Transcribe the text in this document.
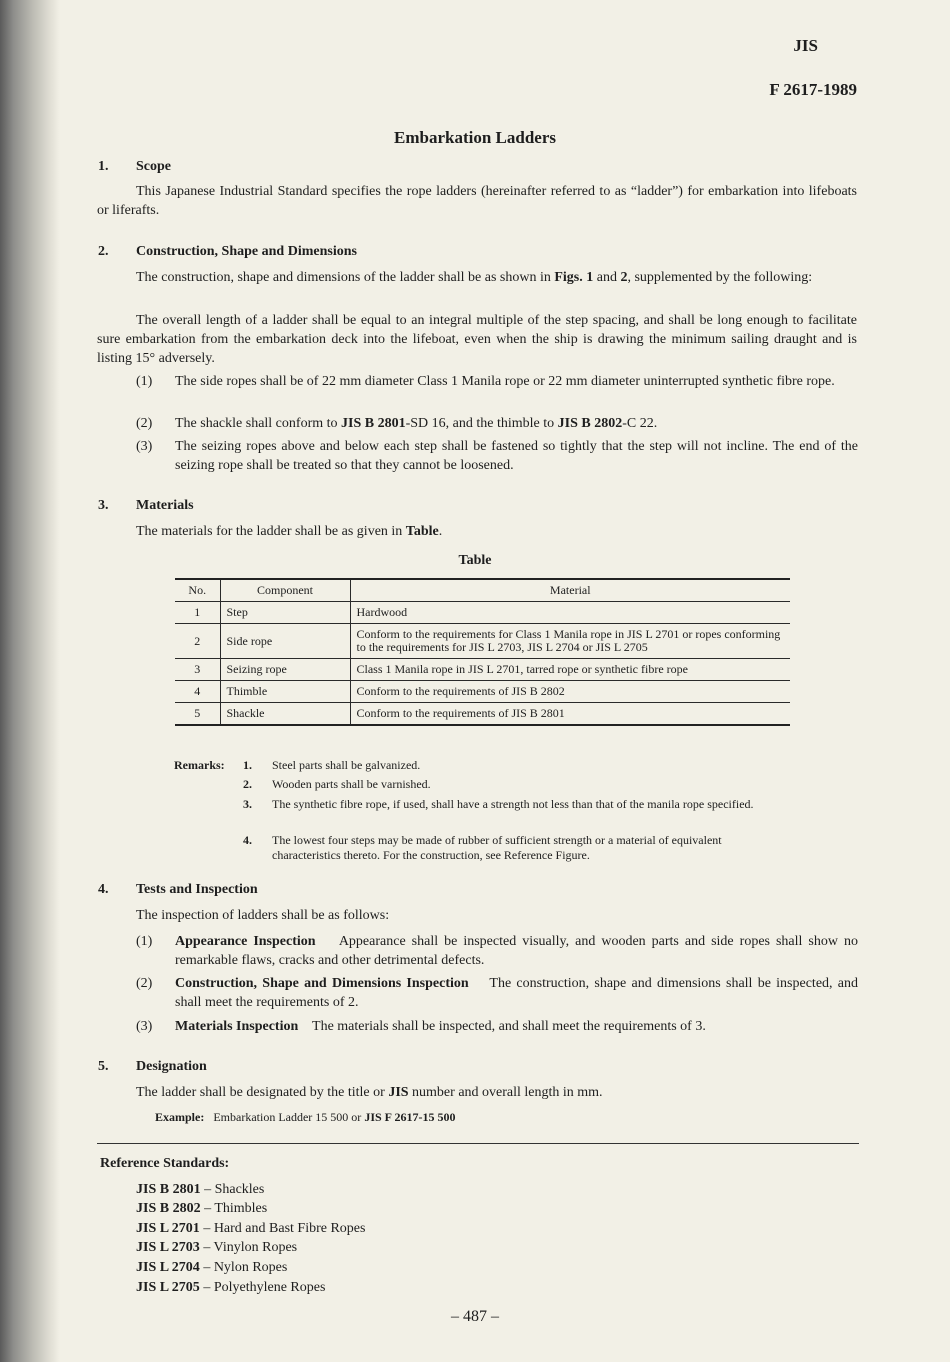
JIS
F 2617-1989
Embarkation Ladders
1. Scope
This Japanese Industrial Standard specifies the rope ladders (hereinafter referred to as “ladder”) for embarkation into lifeboats or liferafts.
2. Construction, Shape and Dimensions
The construction, shape and dimensions of the ladder shall be as shown in Figs. 1 and 2, supplemented by the following:
The overall length of a ladder shall be equal to an integral multiple of the step spacing, and shall be long enough to facilitate sure embarkation from the embarkation deck into the lifeboat, even when the ship is drawing the minimum sailing draught and is listing 15° adversely.
(1) The side ropes shall be of 22 mm diameter Class 1 Manila rope or 22 mm diameter uninterrupted synthetic fibre rope.
(2) The shackle shall conform to JIS B 2801-SD 16, and the thimble to JIS B 2802-C 22.
(3) The seizing ropes above and below each step shall be fastened so tightly that the step will not incline. The end of the seizing rope shall be treated so that they cannot be loosened.
3. Materials
The materials for the ladder shall be as given in Table.
Table
No.	Component	Material
1	Step	Hardwood
2	Side rope	Conform to the requirements for Class 1 Manila rope in JIS L 2701 or ropes conforming to the requirements for JIS L 2703, JIS L 2704 or JIS L 2705
3	Seizing rope	Class 1 Manila rope in JIS L 2701, tarred rope or synthetic fibre rope
4	Thimble	Conform to the requirements of JIS B 2802
5	Shackle	Conform to the requirements of JIS B 2801
Remarks: 1. Steel parts shall be galvanized.
2. Wooden parts shall be varnished.
3. The synthetic fibre rope, if used, shall have a strength not less than that of the manila rope specified.
4. The lowest four steps may be made of rubber of sufficient strength or a material of equivalent characteristics thereto. For the construction, see Reference Figure.
4. Tests and Inspection
The inspection of ladders shall be as follows:
(1) Appearance Inspection Appearance shall be inspected visually, and wooden parts and side ropes shall show no remarkable flaws, cracks and other detrimental defects.
(2) Construction, Shape and Dimensions Inspection The construction, shape and dimensions shall be inspected, and shall meet the requirements of 2.
(3) Materials Inspection The materials shall be inspected, and shall meet the requirements of 3.
5. Designation
The ladder shall be designated by the title or JIS number and overall length in mm.
Example: Embarkation Ladder 15 500 or JIS F 2617-15 500
Reference Standards:
JIS B 2801 – Shackles
JIS B 2802 – Thimbles
JIS L 2701 – Hard and Bast Fibre Ropes
JIS L 2703 – Vinylon Ropes
JIS L 2704 – Nylon Ropes
JIS L 2705 – Polyethylene Ropes
– 487 –
